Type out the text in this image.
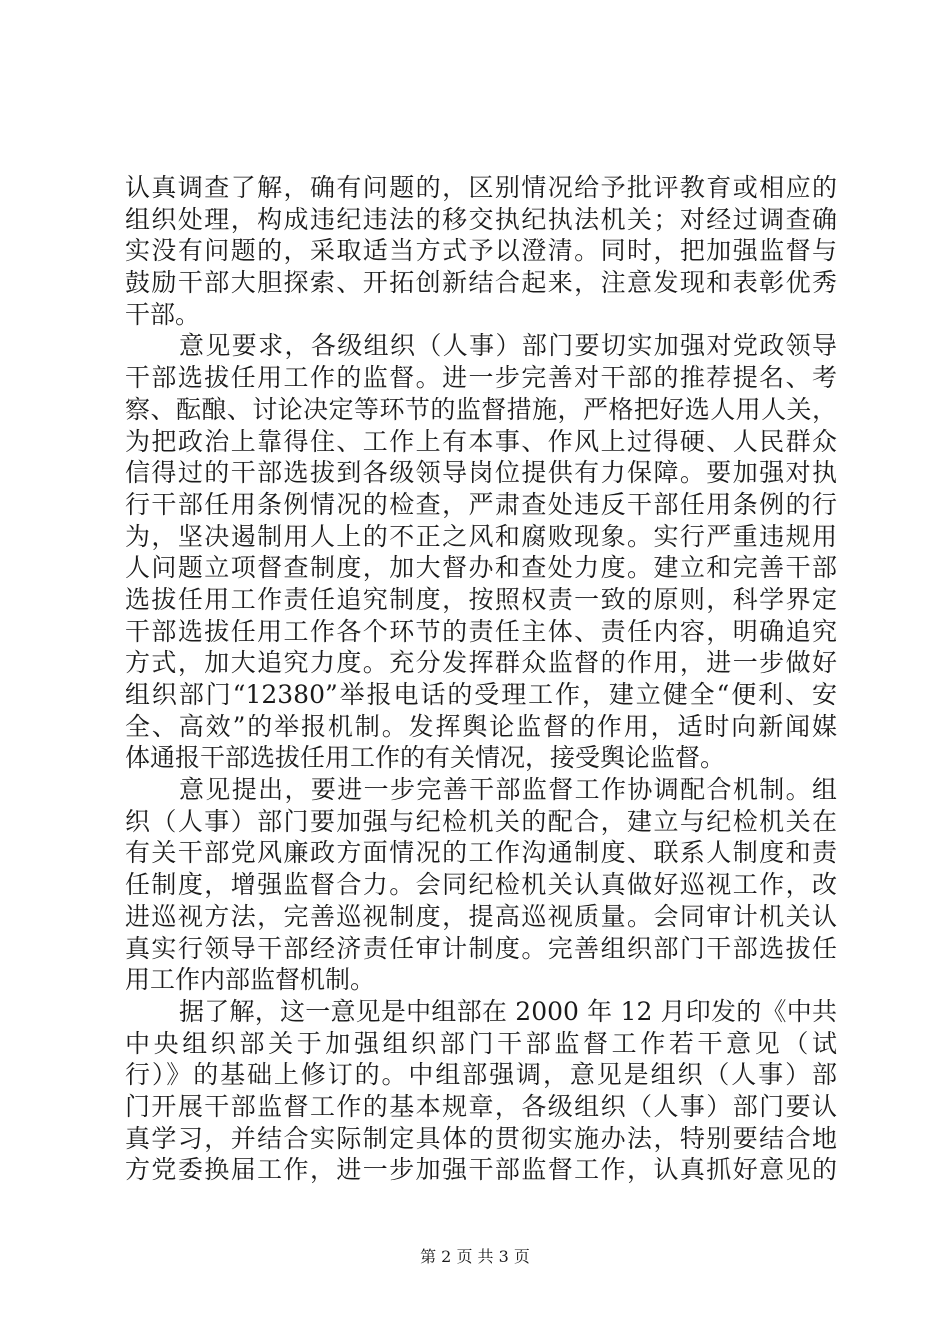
认真调查了解，确有问题的，区别情况给予批评教育或相应的
组织处理，构成违纪违法的移交执纪执法机关；对经过调查确
实没有问题的，采取适当方式予以澄清。同时，把加强监督与
鼓励干部大胆探索、开拓创新结合起来，注意发现和表彰优秀
干部。
意见要求，各级组织（人事）部门要切实加强对党政领导
干部选拔任用工作的监督。进一步完善对干部的推荐提名、考
察、酝酿、讨论决定等环节的监督措施，严格把好选人用人关，
为把政治上靠得住、工作上有本事、作风上过得硬、人民群众
信得过的干部选拔到各级领导岗位提供有力保障。要加强对执
行干部任用条例情况的检查，严肃查处违反干部任用条例的行
为，坚决遏制用人上的不正之风和腐败现象。实行严重违规用
人问题立项督查制度，加大督办和查处力度。建立和完善干部
选拔任用工作责任追究制度，按照权责一致的原则，科学界定
干部选拔任用工作各个环节的责任主体、责任内容，明确追究
方式，加大追究力度。充分发挥群众监督的作用，进一步做好
组织部门“12380”举报电话的受理工作，建立健全“便利、安
全、高效”的举报机制。发挥舆论监督的作用，适时向新闻媒
体通报干部选拔任用工作的有关情况，接受舆论监督。
意见提出，要进一步完善干部监督工作协调配合机制。组
织（人事）部门要加强与纪检机关的配合，建立与纪检机关在
有关干部党风廉政方面情况的工作沟通制度、联系人制度和责
任制度，增强监督合力。会同纪检机关认真做好巡视工作，改
进巡视方法，完善巡视制度，提高巡视质量。会同审计机关认
真实行领导干部经济责任审计制度。完善组织部门干部选拔任
用工作内部监督机制。
据了解，这一意见是中组部在 2000 年 12 月印发的《中共
中央组织部关于加强组织部门干部监督工作若干意见（试
行）》的基础上修订的。中组部强调，意见是组织（人事）部
门开展干部监督工作的基本规章，各级组织（人事）部门要认
真学习，并结合实际制定具体的贯彻实施办法，特别要结合地
方党委换届工作，进一步加强干部监督工作，认真抓好意见的
第 2 页 共 3 页
